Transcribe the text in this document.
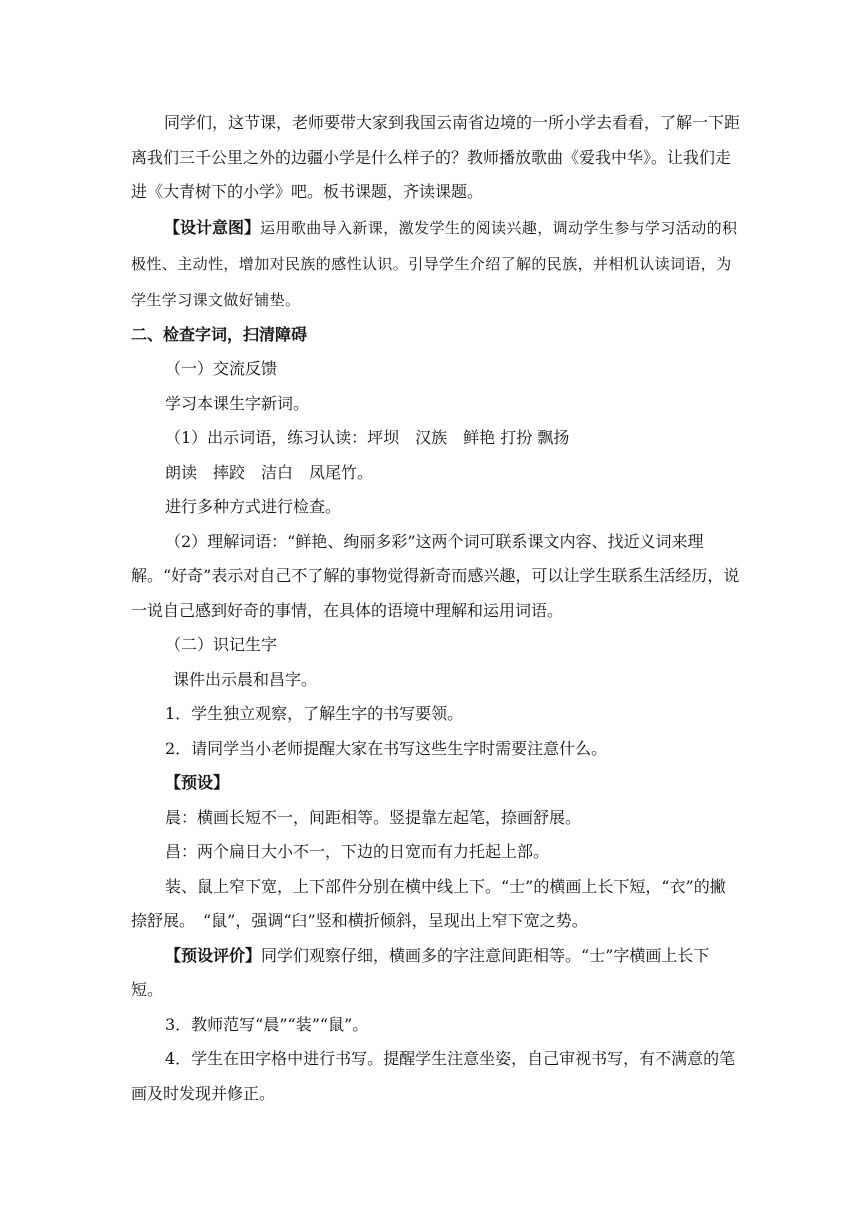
同学们，这节课，老师要带大家到我国云南省边境的一所小学去看看，了解一下距离我们三千公里之外的边疆小学是什么样子的？教师播放歌曲《爱我中华》。让我们走进《大青树下的小学》吧。板书课题，齐读课题。

【设计意图】运用歌曲导入新课，激发学生的阅读兴趣，调动学生参与学习活动的积极性、主动性，增加对民族的感性认识。引导学生介绍了解的民族，并相机认读词语，为学生学习课文做好铺垫。

二、检查字词，扫清障碍

（一）交流反馈

学习本课生字新词。

（1）出示词语，练习认读：坪坝　汉族　鲜艳 打扮 飘扬

朗读　摔跤　洁白　凤尾竹。

进行多种方式进行检查。

（2）理解词语：“鲜艳、绚丽多彩”这两个词可联系课文内容、找近义词来理解。“好奇”表示对自己不了解的事物觉得新奇而感兴趣，可以让学生联系生活经历，说一说自己感到好奇的事情，在具体的语境中理解和运用词语。

（二）识记生字

课件出示晨和昌字。

1．学生独立观察，了解生字的书写要领。

2．请同学当小老师提醒大家在书写这些生字时需要注意什么。

【预设】

晨：横画长短不一，间距相等。竖提靠左起笔，捺画舒展。

昌：两个扁日大小不一，下边的日宽而有力托起上部。

装、鼠上窄下宽，上下部件分别在横中线上下。“士”的横画上长下短，“衣”的撇捺舒展。　“鼠”，强调“臼”竖和横折倾斜，呈现出上窄下宽之势。

【预设评价】同学们观察仔细，横画多的字注意间距相等。“士”字横画上长下短。

3．教师范写“晨”“装”“鼠”。

4．学生在田字格中进行书写。提醒学生注意坐姿，自己审视书写，有不满意的笔画及时发现并修正。
